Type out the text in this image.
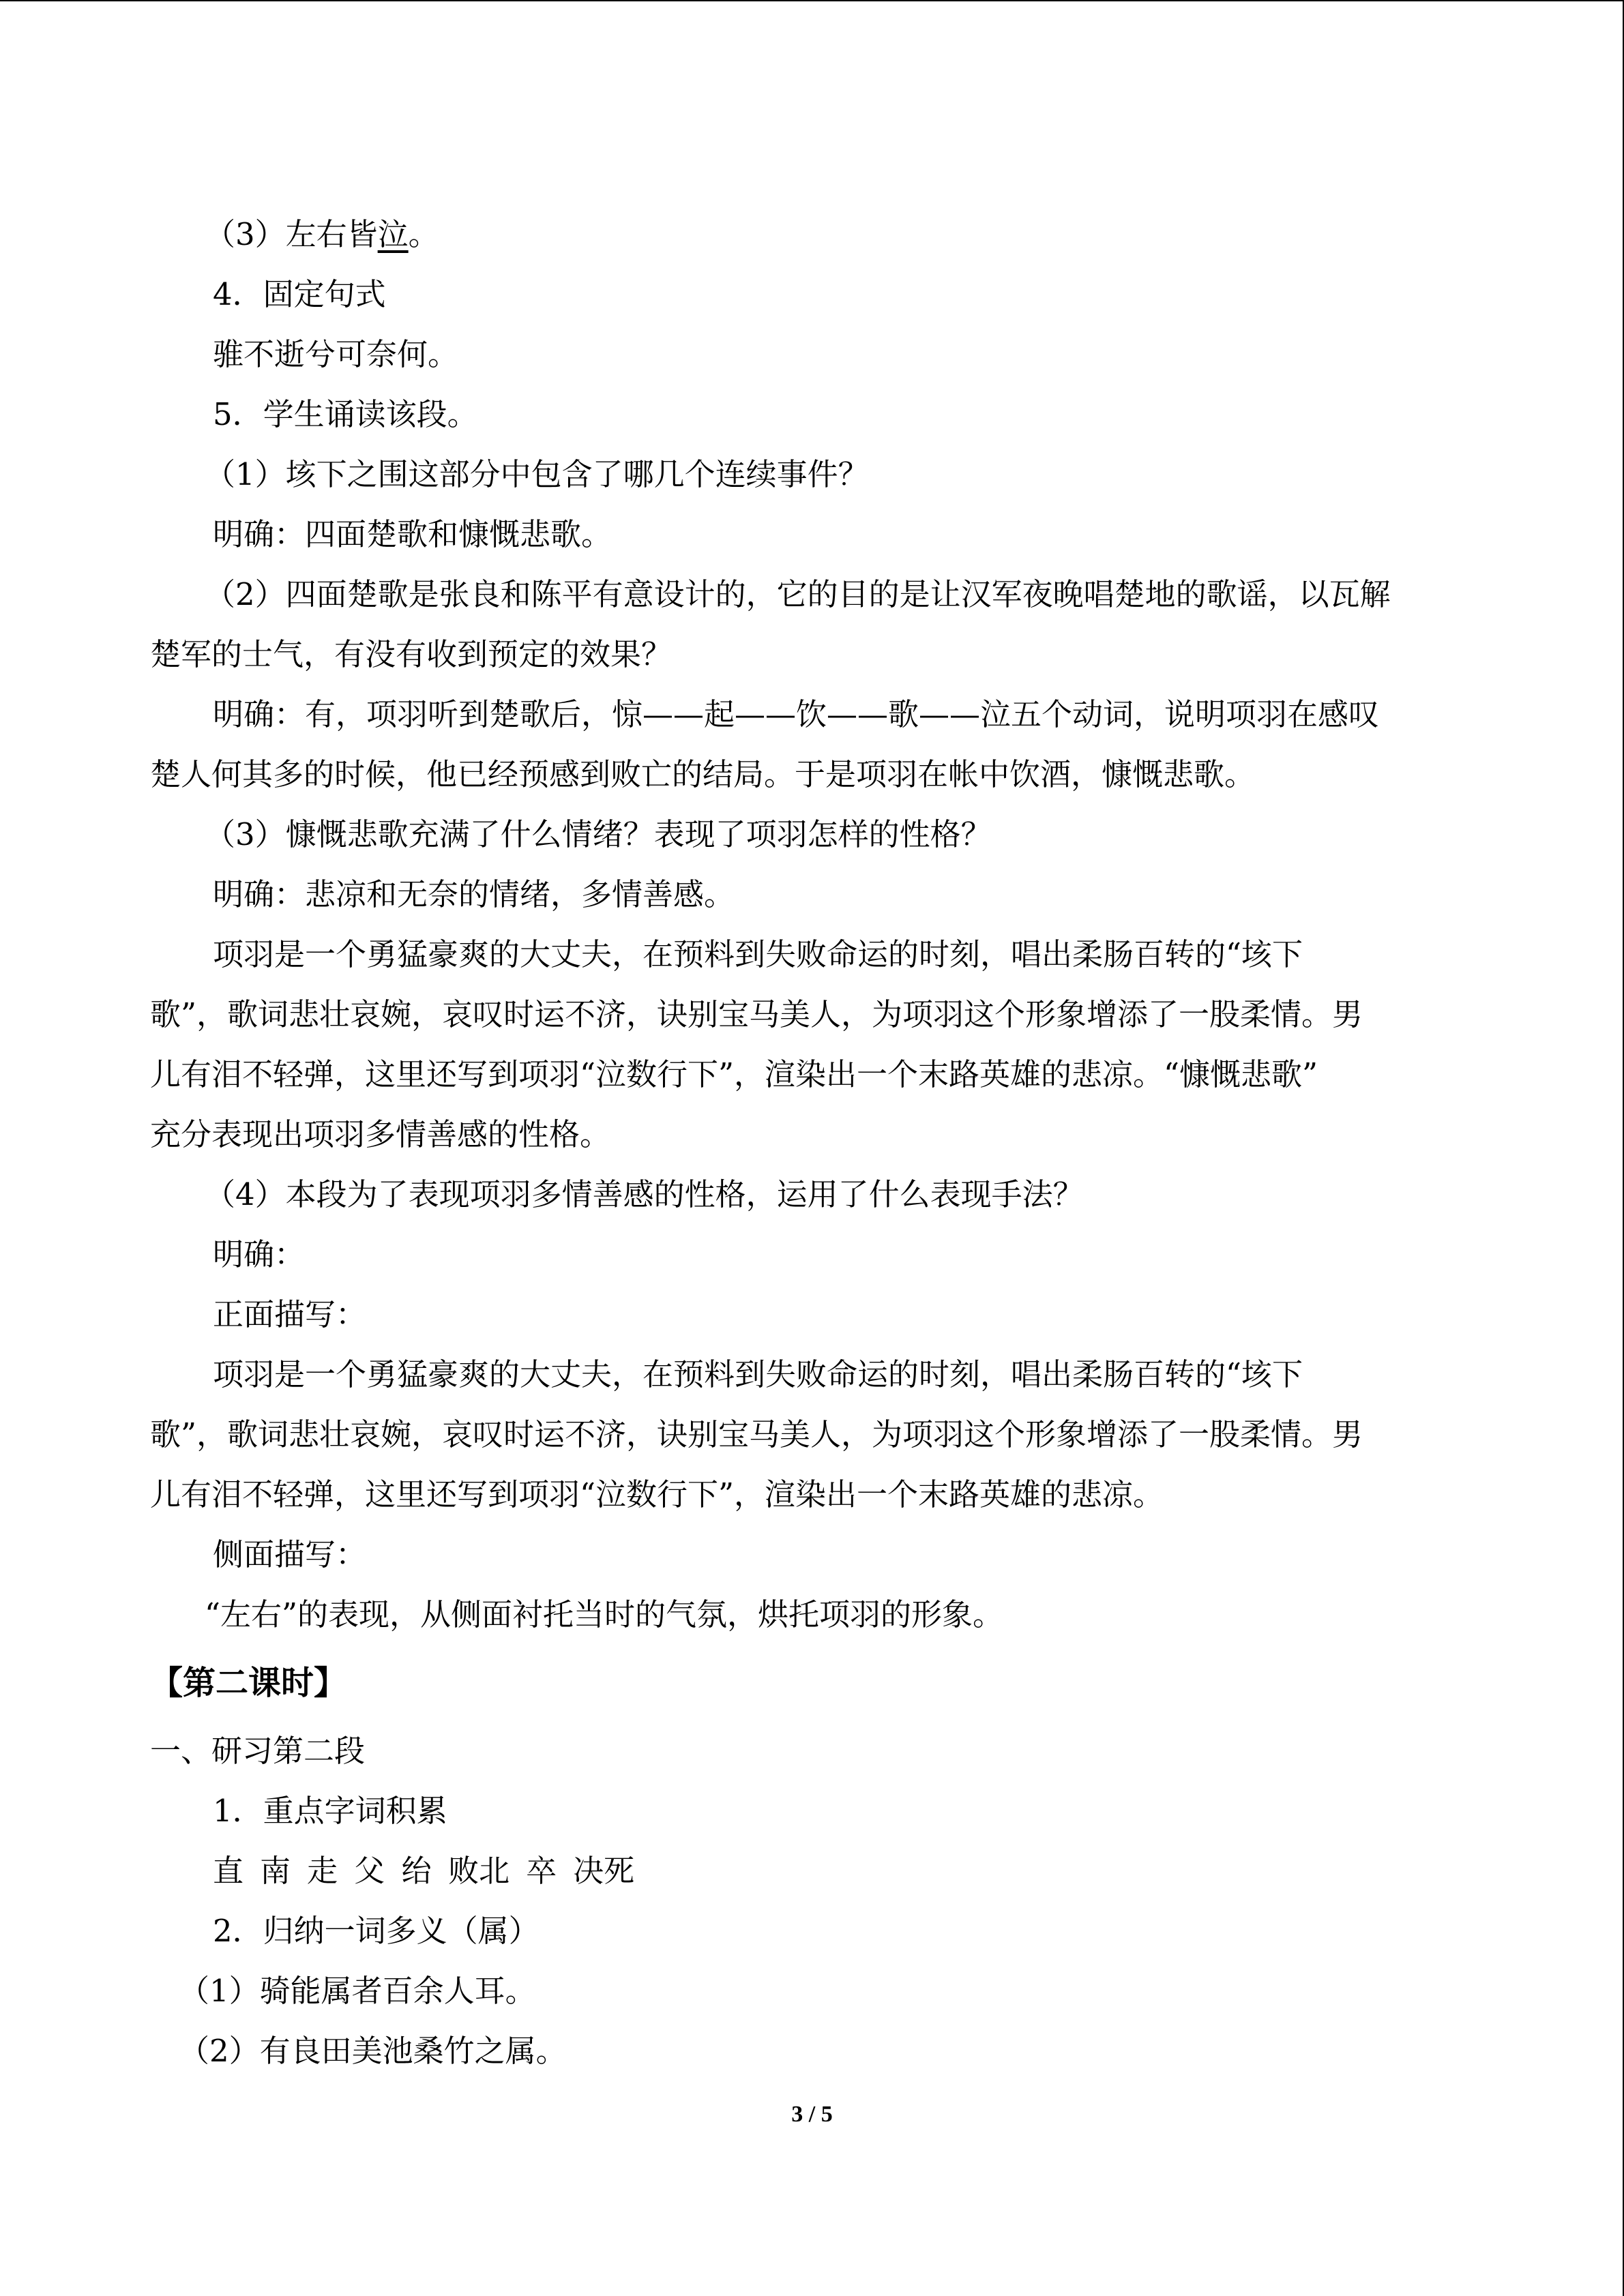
（3）左右皆泣。
4．固定句式
骓不逝兮可奈何。
5．学生诵读该段。
（1）垓下之围这部分中包含了哪几个连续事件？
明确：四面楚歌和慷慨悲歌。
（2）四面楚歌是张良和陈平有意设计的，它的目的是让汉军夜晚唱楚地的歌谣，以瓦解
楚军的士气，有没有收到预定的效果？
明确：有，项羽听到楚歌后，惊——起——饮——歌——泣五个动词，说明项羽在感叹
楚人何其多的时候，他已经预感到败亡的结局。于是项羽在帐中饮酒，慷慨悲歌。
（3）慷慨悲歌充满了什么情绪？表现了项羽怎样的性格？
明确：悲凉和无奈的情绪，多情善感。
项羽是一个勇猛豪爽的大丈夫，在预料到失败命运的时刻，唱出柔肠百转的“垓下
歌”，歌词悲壮哀婉，哀叹时运不济，诀别宝马美人，为项羽这个形象增添了一股柔情。男
儿有泪不轻弹，这里还写到项羽“泣数行下”，渲染出一个末路英雄的悲凉。“慷慨悲歌”
充分表现出项羽多情善感的性格。
（4）本段为了表现项羽多情善感的性格，运用了什么表现手法？
明确：
正面描写：
项羽是一个勇猛豪爽的大丈夫，在预料到失败命运的时刻，唱出柔肠百转的“垓下
歌”，歌词悲壮哀婉，哀叹时运不济，诀别宝马美人，为项羽这个形象增添了一股柔情。男
儿有泪不轻弹，这里还写到项羽“泣数行下”，渲染出一个末路英雄的悲凉。
侧面描写：
“左右”的表现，从侧面衬托当时的气氛，烘托项羽的形象。
【第二课时】
一、研习第二段
1．重点字词积累
直 南 走 父 绐 败北 卒 决死
2．归纳一词多义（属）
（1）骑能属者百余人耳。
（2）有良田美池桑竹之属。
3 / 5
